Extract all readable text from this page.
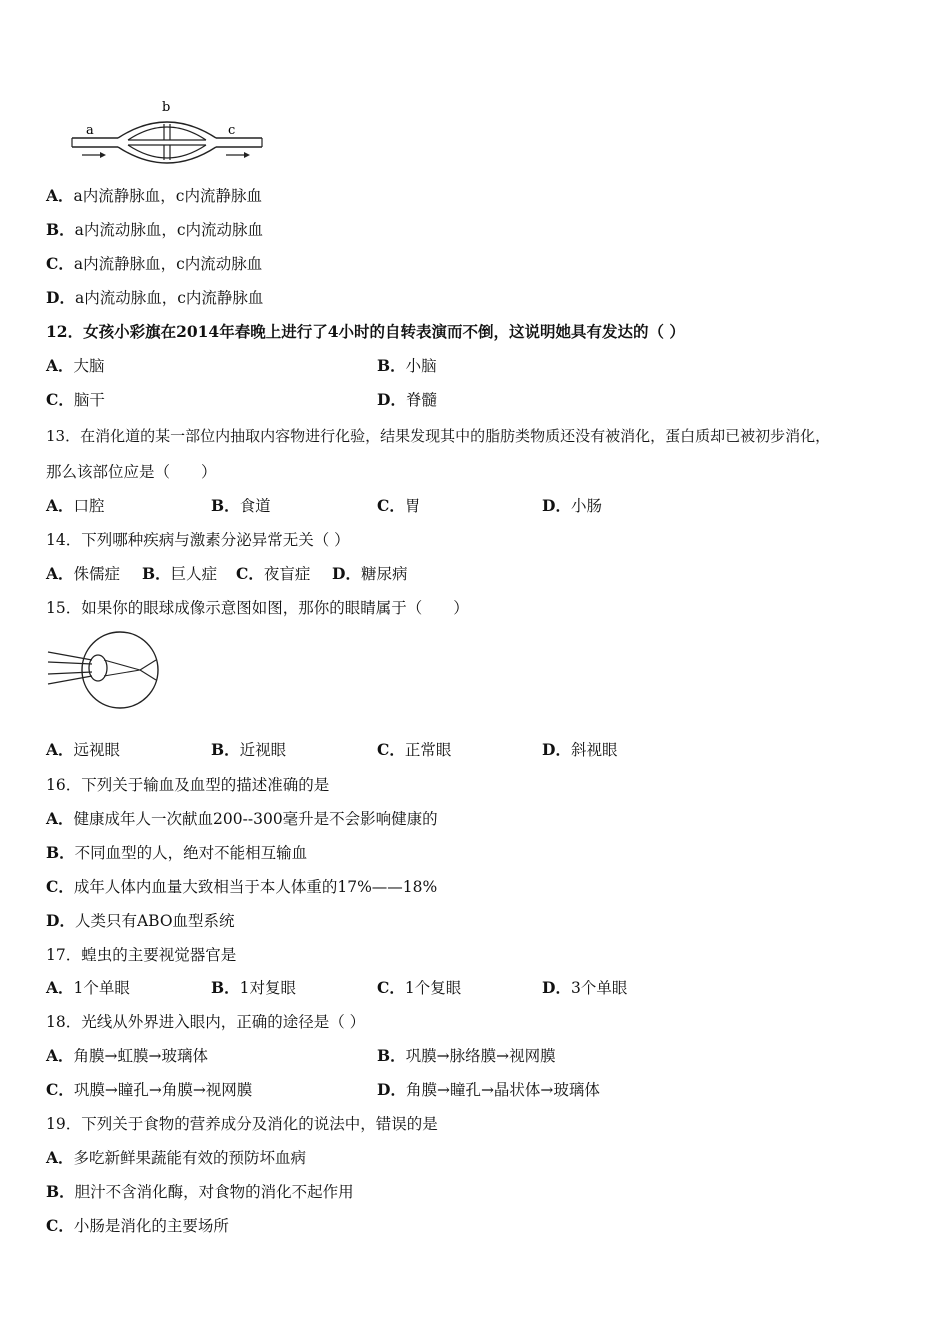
a
b
c
A．a内流静脉血，c内流静脉血
B．a内流动脉血，c内流动脉血
C．a内流静脉血，c内流动脉血
D．a内流动脉血，c内流静脉血
12．女孩小彩旗在2014年春晚上进行了4小时的自转表演而不倒，这说明她具有发达的（ ）
A．大脑	B．小脑
C．脑干	D．脊髓
13．在消化道的某一部位内抽取内容物进行化验，结果发现其中的脂肪类物质还没有被消化，蛋白质却已被初步消化，
那么该部位应是（　　）
A．口腔	B．食道	C．胃	D．小肠
14．下列哪种疾病与激素分泌异常无关（ ）
A．侏儒症 B．巨人症 C．夜盲症 D．糖尿病
15．如果你的眼球成像示意图如图，那你的眼睛属于（　　）
A．远视眼	B．近视眼	C．正常眼	D．斜视眼
16．下列关于输血及血型的描述准确的是
A．健康成年人一次献血200--300毫升是不会影响健康的
B．不同血型的人，绝对不能相互输血
C．成年人体内血量大致相当于本人体重的17%——18%
D．人类只有ABO血型系统
17．蝗虫的主要视觉器官是
A．1个单眼	B．1对复眼	C．1个复眼	D．3个单眼
18．光线从外界进入眼内，正确的途径是（ ）
A．角膜→虹膜→玻璃体	B．巩膜→脉络膜→视网膜
C．巩膜→瞳孔→角膜→视网膜	D．角膜→瞳孔→晶状体→玻璃体
19．下列关于食物的营养成分及消化的说法中，错误的是
A．多吃新鲜果蔬能有效的预防坏血病
B．胆汁不含消化酶，对食物的消化不起作用
C．小肠是消化的主要场所
